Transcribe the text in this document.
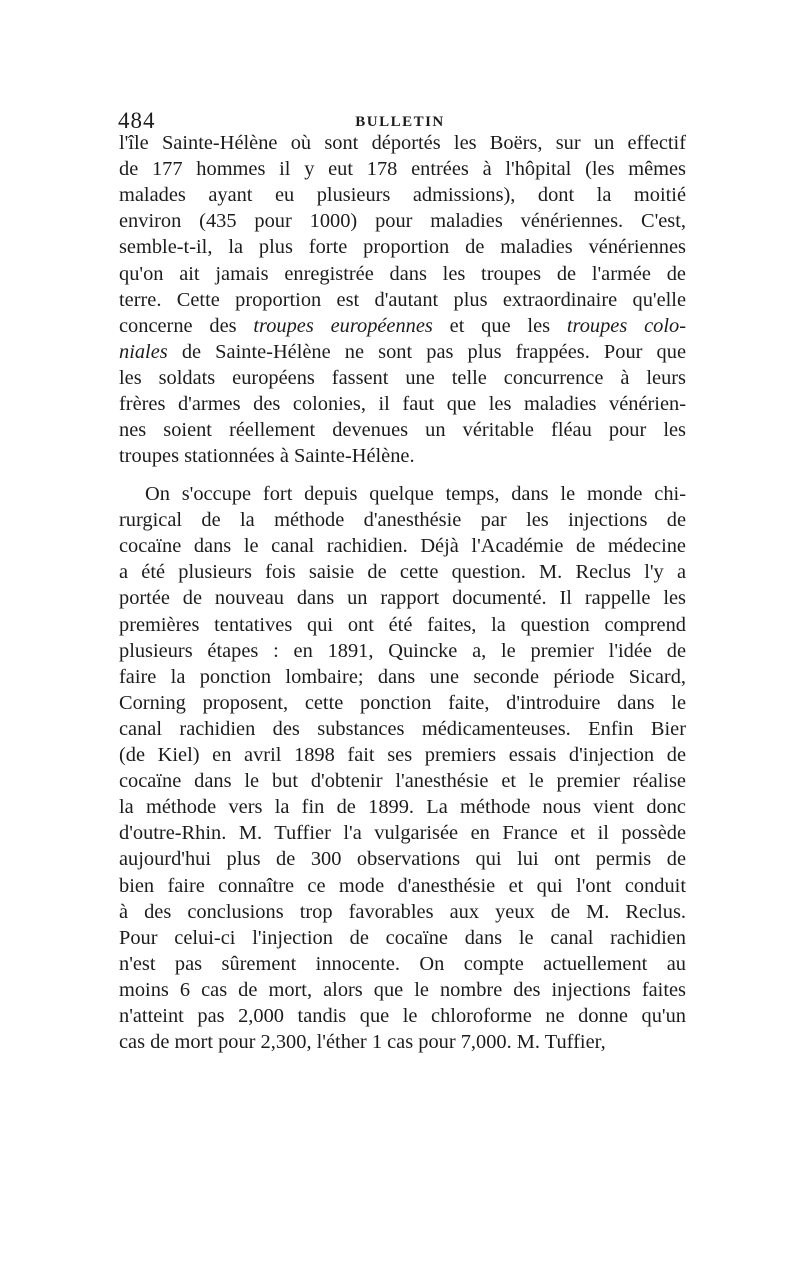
484	BULLETIN
l'île Sainte-Hélène où sont déportés les Boërs, sur un effectif
de 177 hommes il y eut 178 entrées à l'hôpital (les mêmes
malades ayant eu plusieurs admissions), dont la moitié
environ (435 pour 1000) pour maladies vénériennes. C'est,
semble-t-il, la plus forte proportion de maladies vénériennes
qu'on ait jamais enregistrée dans les troupes de l'armée de
terre. Cette proportion est d'autant plus extraordinaire qu'elle
concerne des troupes européennes et que les troupes colo-
niales de Sainte-Hélène ne sont pas plus frappées. Pour que
les soldats européens fassent une telle concurrence à leurs
frères d'armes des colonies, il faut que les maladies vénérien-
nes soient réellement devenues un véritable fléau pour les
troupes stationnées à Sainte-Hélène.
On s'occupe fort depuis quelque temps, dans le monde chi-
rurgical de la méthode d'anesthésie par les injections de
cocaïne dans le canal rachidien. Déjà l'Académie de médecine
a été plusieurs fois saisie de cette question. M. Reclus l'y a
portée de nouveau dans un rapport documenté. Il rappelle les
premières tentatives qui ont été faites, la question comprend
plusieurs étapes : en 1891, Quincke a, le premier l'idée de
faire la ponction lombaire; dans une seconde période Sicard,
Corning proposent, cette ponction faite, d'introduire dans le
canal rachidien des substances médicamenteuses. Enfin Bier
(de Kiel) en avril 1898 fait ses premiers essais d'injection de
cocaïne dans le but d'obtenir l'anesthésie et le premier réalise
la méthode vers la fin de 1899. La méthode nous vient donc
d'outre-Rhin. M. Tuffier l'a vulgarisée en France et il possède
aujourd'hui plus de 300 observations qui lui ont permis de
bien faire connaître ce mode d'anesthésie et qui l'ont conduit
à des conclusions trop favorables aux yeux de M. Reclus.
Pour celui-ci l'injection de cocaïne dans le canal rachidien
n'est pas sûrement innocente. On compte actuellement au
moins 6 cas de mort, alors que le nombre des injections faites
n'atteint pas 2,000 tandis que le chloroforme ne donne qu'un
cas de mort pour 2,300, l'éther 1 cas pour 7,000. M. Tuffier,
